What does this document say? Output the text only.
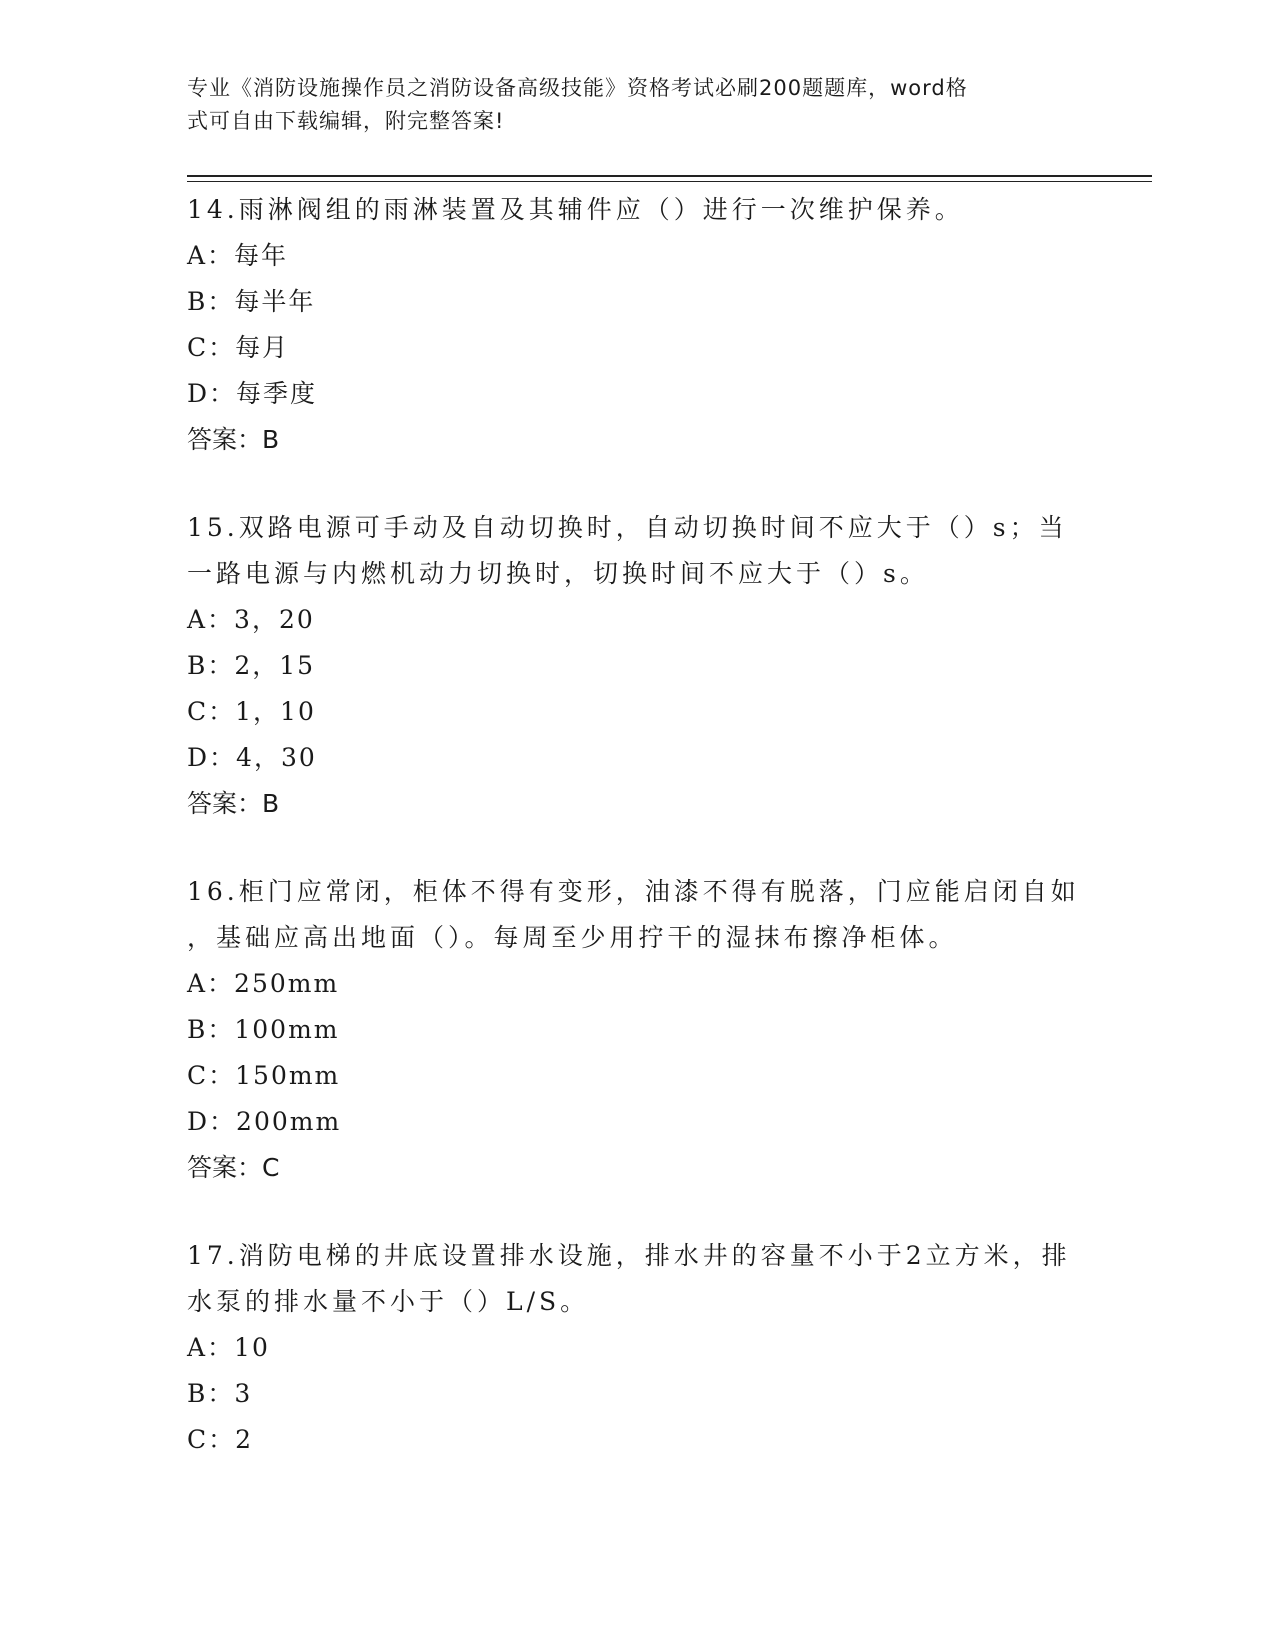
专业《消防设施操作员之消防设备高级技能》资格考试必刷200题题库，word格
式可自由下载编辑，附完整答案!
14.雨淋阀组的雨淋装置及其辅件应（）进行一次维护保养。
A：每年
B：每半年
C：每月
D：每季度
答案：B
15.双路电源可手动及自动切换时，自动切换时间不应大于（）s；当
一路电源与内燃机动力切换时，切换时间不应大于（）s。
A：3，20
B：2，15
C：1，10
D：4，30
答案：B
16.柜门应常闭，柜体不得有变形，油漆不得有脱落，门应能启闭自如
，基础应高出地面（）。每周至少用拧干的湿抹布擦净柜体。
A：250mm
B：100mm
C：150mm
D：200mm
答案：C
17.消防电梯的井底设置排水设施，排水井的容量不小于2立方米，排
水泵的排水量不小于（）L/S。
A：10
B：3
C：2
